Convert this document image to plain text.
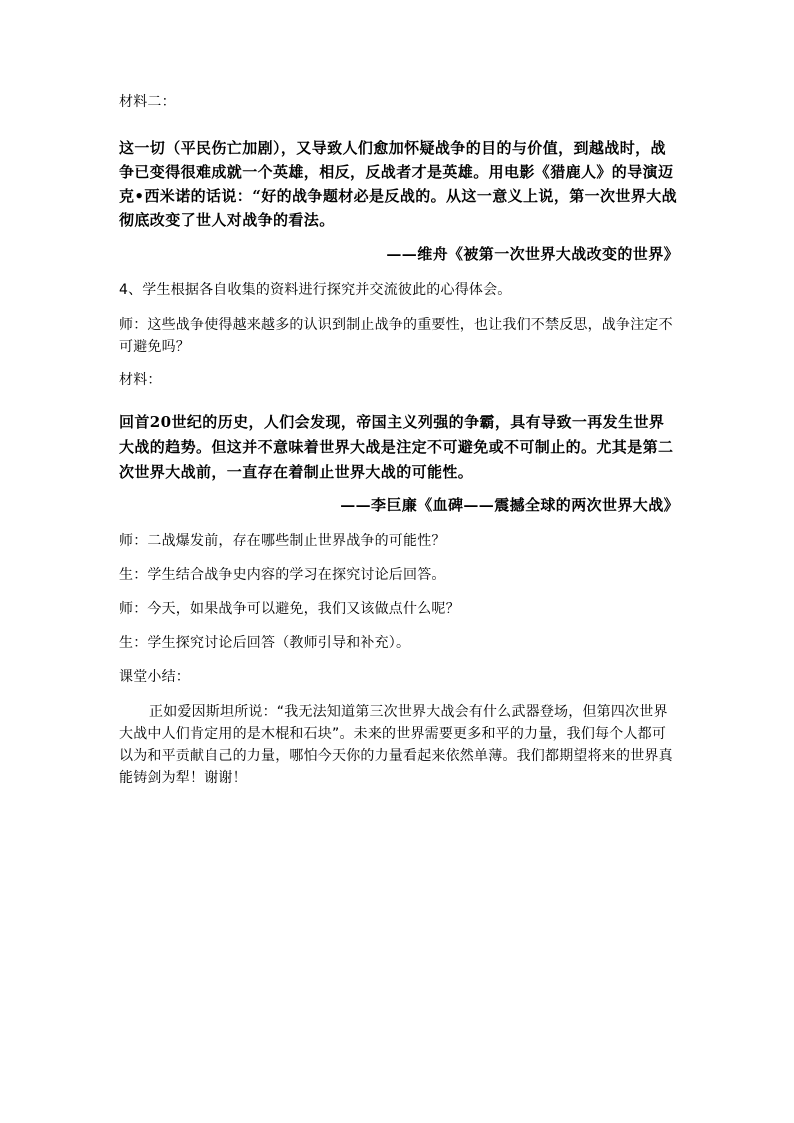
材料二：

这一切（平民伤亡加剧），又导致人们愈加怀疑战争的目的与价值，到越战时，战争已变得很难成就一个英雄，相反，反战者才是英雄。用电影《猎鹿人》的导演迈克•西米诺的话说：“好的战争题材必是反战的。从这一意义上说，第一次世界大战彻底改变了世人对战争的看法。

——维舟《被第一次世界大战改变的世界》

4、学生根据各自收集的资料进行探究并交流彼此的心得体会。

师：这些战争使得越来越多的认识到制止战争的重要性，也让我们不禁反思，战争注定不可避免吗？

材料：

回首20世纪的历史，人们会发现，帝国主义列强的争霸，具有导致一再发生世界大战的趋势。但这并不意味着世界大战是注定不可避免或不可制止的。尤其是第二次世界大战前，一直存在着制止世界大战的可能性。

——李巨廉《血碑——震撼全球的两次世界大战》

师：二战爆发前，存在哪些制止世界战争的可能性？

生：学生结合战争史内容的学习在探究讨论后回答。

师：今天，如果战争可以避免，我们又该做点什么呢？

生：学生探究讨论后回答（教师引导和补充）。

课堂小结：

正如爱因斯坦所说：“我无法知道第三次世界大战会有什么武器登场，但第四次世界大战中人们肯定用的是木棍和石块”。未来的世界需要更多和平的力量，我们每个人都可以为和平贡献自己的力量，哪怕今天你的力量看起来依然单薄。我们都期望将来的世界真能铸剑为犁！谢谢！
